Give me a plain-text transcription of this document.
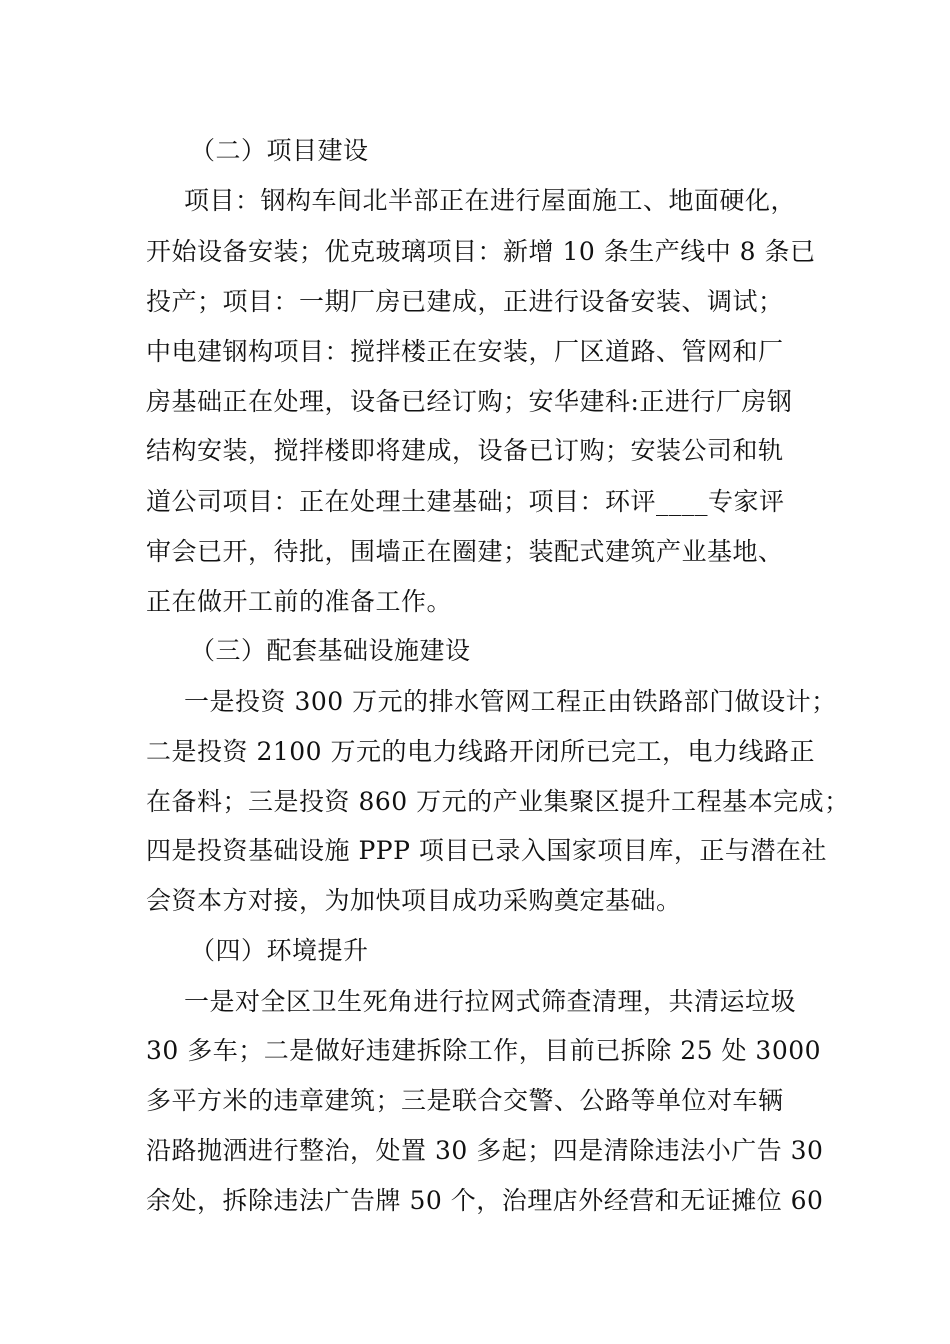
（二）项目建设
项目：钢构车间北半部正在进行屋面施工、地面硬化，
开始设备安装；优克玻璃项目：新增 10 条生产线中 8 条已
投产；项目：一期厂房已建成，正进行设备安装、调试；
中电建钢构项目：搅拌楼正在安装，厂区道路、管网和厂
房基础正在处理，设备已经订购；安华建科:正进行厂房钢
结构安装，搅拌楼即将建成，设备已订购；安装公司和轨
道公司项目：正在处理土建基础；项目：环评____专家评
审会已开，待批，围墙正在圈建；装配式建筑产业基地、
正在做开工前的准备工作。
（三）配套基础设施建设
一是投资 300 万元的排水管网工程正由铁路部门做设计；
二是投资 2100 万元的电力线路开闭所已完工，电力线路正
在备料；三是投资 860 万元的产业集聚区提升工程基本完成；
四是投资基础设施 PPP 项目已录入国家项目库，正与潜在社
会资本方对接，为加快项目成功采购奠定基础。
（四）环境提升
一是对全区卫生死角进行拉网式筛查清理，共清运垃圾
30 多车；二是做好违建拆除工作，目前已拆除 25 处 3000
多平方米的违章建筑；三是联合交警、公路等单位对车辆
沿路抛洒进行整治，处置 30 多起；四是清除违法小广告 30
余处，拆除违法广告牌 50 个，治理店外经营和无证摊位 60
